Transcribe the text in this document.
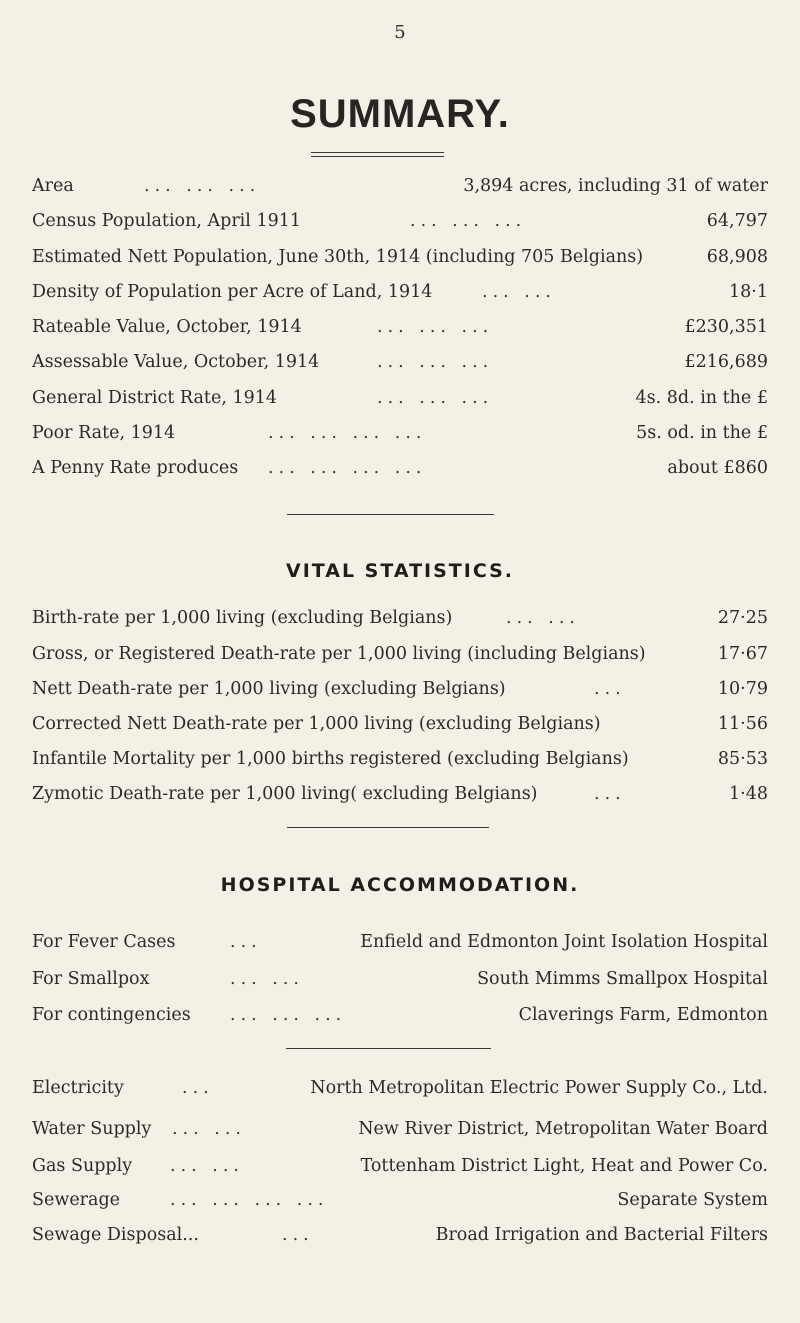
5
SUMMARY.
Area	... ... ...	3,894 acres, including 31 of water
Census Population, April 1911	... ... ...	64,797
Estimated Nett Population, June 30th, 1914 (including 705 Belgians)	68,908
Density of Population per Acre of Land, 1914	... ...	18·1
Rateable Value, October, 1914	... ... ...	£230,351
Assessable Value, October, 1914	... ... ...	£216,689
General District Rate, 1914	... ... ...	4s. 8d. in the £
Poor Rate, 1914	... ... ... ...	5s. od. in the £
A Penny Rate produces ... ... ... ...	about £860
VITAL STATISTICS.
Birth-rate per 1,000 living (excluding Belgians)	... ...	27·25
Gross, or Registered Death-rate per 1,000 living (including Belgians)	17·67
Nett Death-rate per 1,000 living (excluding Belgians)	...	10·79
Corrected Nett Death-rate per 1,000 living (excluding Belgians)	11·56
Infantile Mortality per 1,000 births registered (excluding Belgians)	85·53
Zymotic Death-rate per 1,000 living( excluding Belgians)	...	1·48
HOSPITAL ACCOMMODATION.
For Fever Cases	...	Enfield and Edmonton Joint Isolation Hospital
For Smallpox	... ...	South Mimms Smallpox Hospital
For contingencies ... ... ...	Claverings Farm, Edmonton
Electricity	...	North Metropolitan Electric Power Supply Co., Ltd.
Water Supply ... ...	New River District, Metropolitan Water Board
Gas Supply ... ...	Tottenham District Light, Heat and Power Co.
Sewerage	... ... ... ...	Separate System
Sewage Disposal...	...	Broad Irrigation and Bacterial Filters
